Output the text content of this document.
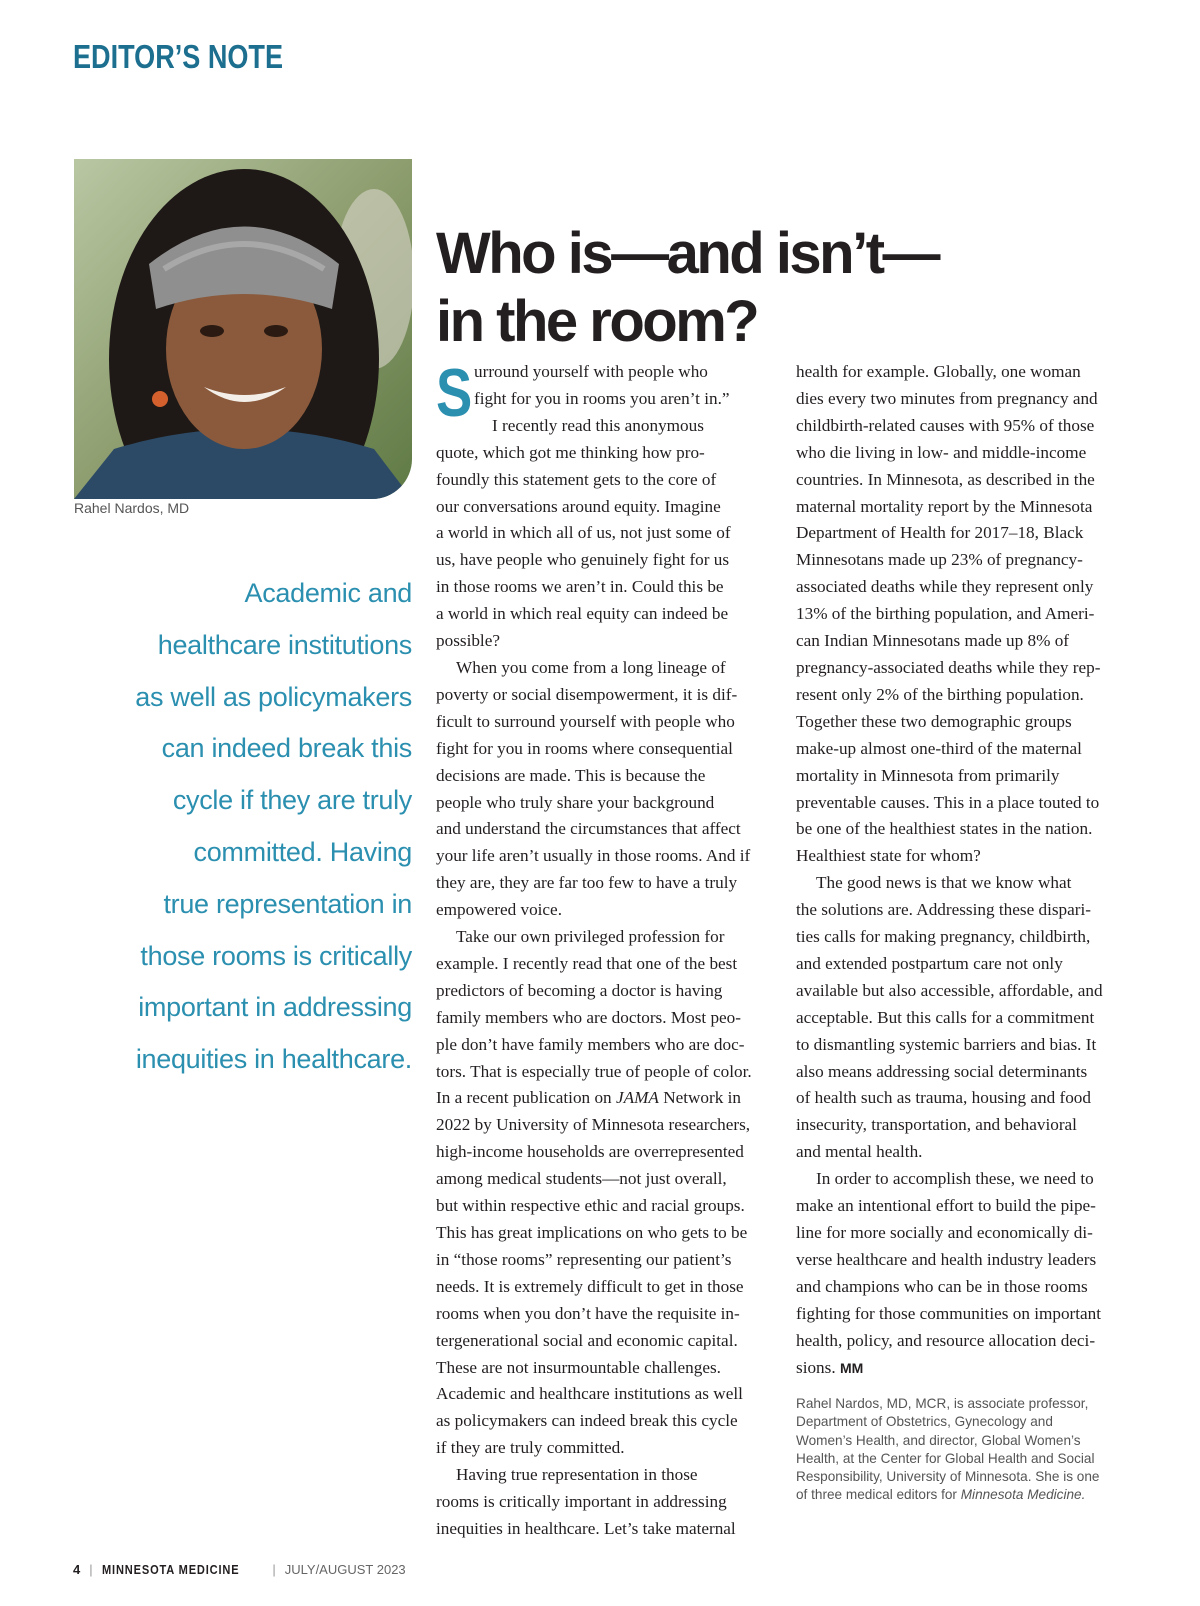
EDITOR’S NOTE
Rahel Nardos, MD
Academic and
healthcare institutions
as well as policymakers
can indeed break this
cycle if they are truly
committed. Having
true representation in
those rooms is critically
important in addressing
inequities in healthcare.
Who is—and isn’t—
in the room?
S urround yourself with people who
fight for you in rooms you aren’t in.”
I recently read this anonymous
quote, which got me thinking how pro-
foundly this statement gets to the core of
our conversations around equity. Imagine
a world in which all of us, not just some of
us, have people who genuinely fight for us
in those rooms we aren’t in. Could this be
a world in which real equity can indeed be
possible?
When you come from a long lineage of
poverty or social disempowerment, it is dif-
ficult to surround yourself with people who
fight for you in rooms where consequential
decisions are made. This is because the
people who truly share your background
and understand the circumstances that affect
your life aren’t usually in those rooms. And if
they are, they are far too few to have a truly
empowered voice.
Take our own privileged profession for
example. I recently read that one of the best
predictors of becoming a doctor is having
family members who are doctors. Most peo-
ple don’t have family members who are doc-
tors. That is especially true of people of color.
In a recent publication on JAMA Network in
2022 by University of Minnesota researchers,
high-income households are overrepresented
among medical students—not just overall,
but within respective ethic and racial groups.
This has great implications on who gets to be
in “those rooms” representing our patient’s
needs. It is extremely difficult to get in those
rooms when you don’t have the requisite in-
tergenerational social and economic capital.
These are not insurmountable challenges.
Academic and healthcare institutions as well
as policymakers can indeed break this cycle
if they are truly committed.
Having true representation in those
rooms is critically important in addressing
inequities in healthcare. Let’s take maternal
health for example. Globally, one woman
dies every two minutes from pregnancy and
childbirth-related causes with 95% of those
who die living in low- and middle-income
countries. In Minnesota, as described in the
maternal mortality report by the Minnesota
Department of Health for 2017–18, Black
Minnesotans made up 23% of pregnancy-
associated deaths while they represent only
13% of the birthing population, and Ameri-
can Indian Minnesotans made up 8% of
pregnancy-associated deaths while they rep-
resent only 2% of the birthing population.
Together these two demographic groups
make-up almost one-third of the maternal
mortality in Minnesota from primarily
preventable causes. This in a place touted to
be one of the healthiest states in the nation.
Healthiest state for whom?
The good news is that we know what
the solutions are. Addressing these dispari-
ties calls for making pregnancy, childbirth,
and extended postpartum care not only
available but also accessible, affordable, and
acceptable. But this calls for a commitment
to dismantling systemic barriers and bias. It
also means addressing social determinants
of health such as trauma, housing and food
insecurity, transportation, and behavioral
and mental health.
In order to accomplish these, we need to
make an intentional effort to build the pipe-
line for more socially and economically di-
verse healthcare and health industry leaders
and champions who can be in those rooms
fighting for those communities on important
health, policy, and resource allocation deci-
sions. MM
Rahel Nardos, MD, MCR, is associate professor,
Department of Obstetrics, Gynecology and
Women’s Health, and director, Global Women’s
Health, at the Center for Global Health and Social
Responsibility, University of Minnesota. She is one
of three medical editors for Minnesota Medicine.
4 | MINNESOTA MEDICINE	| JULY/AUGUST 2023
